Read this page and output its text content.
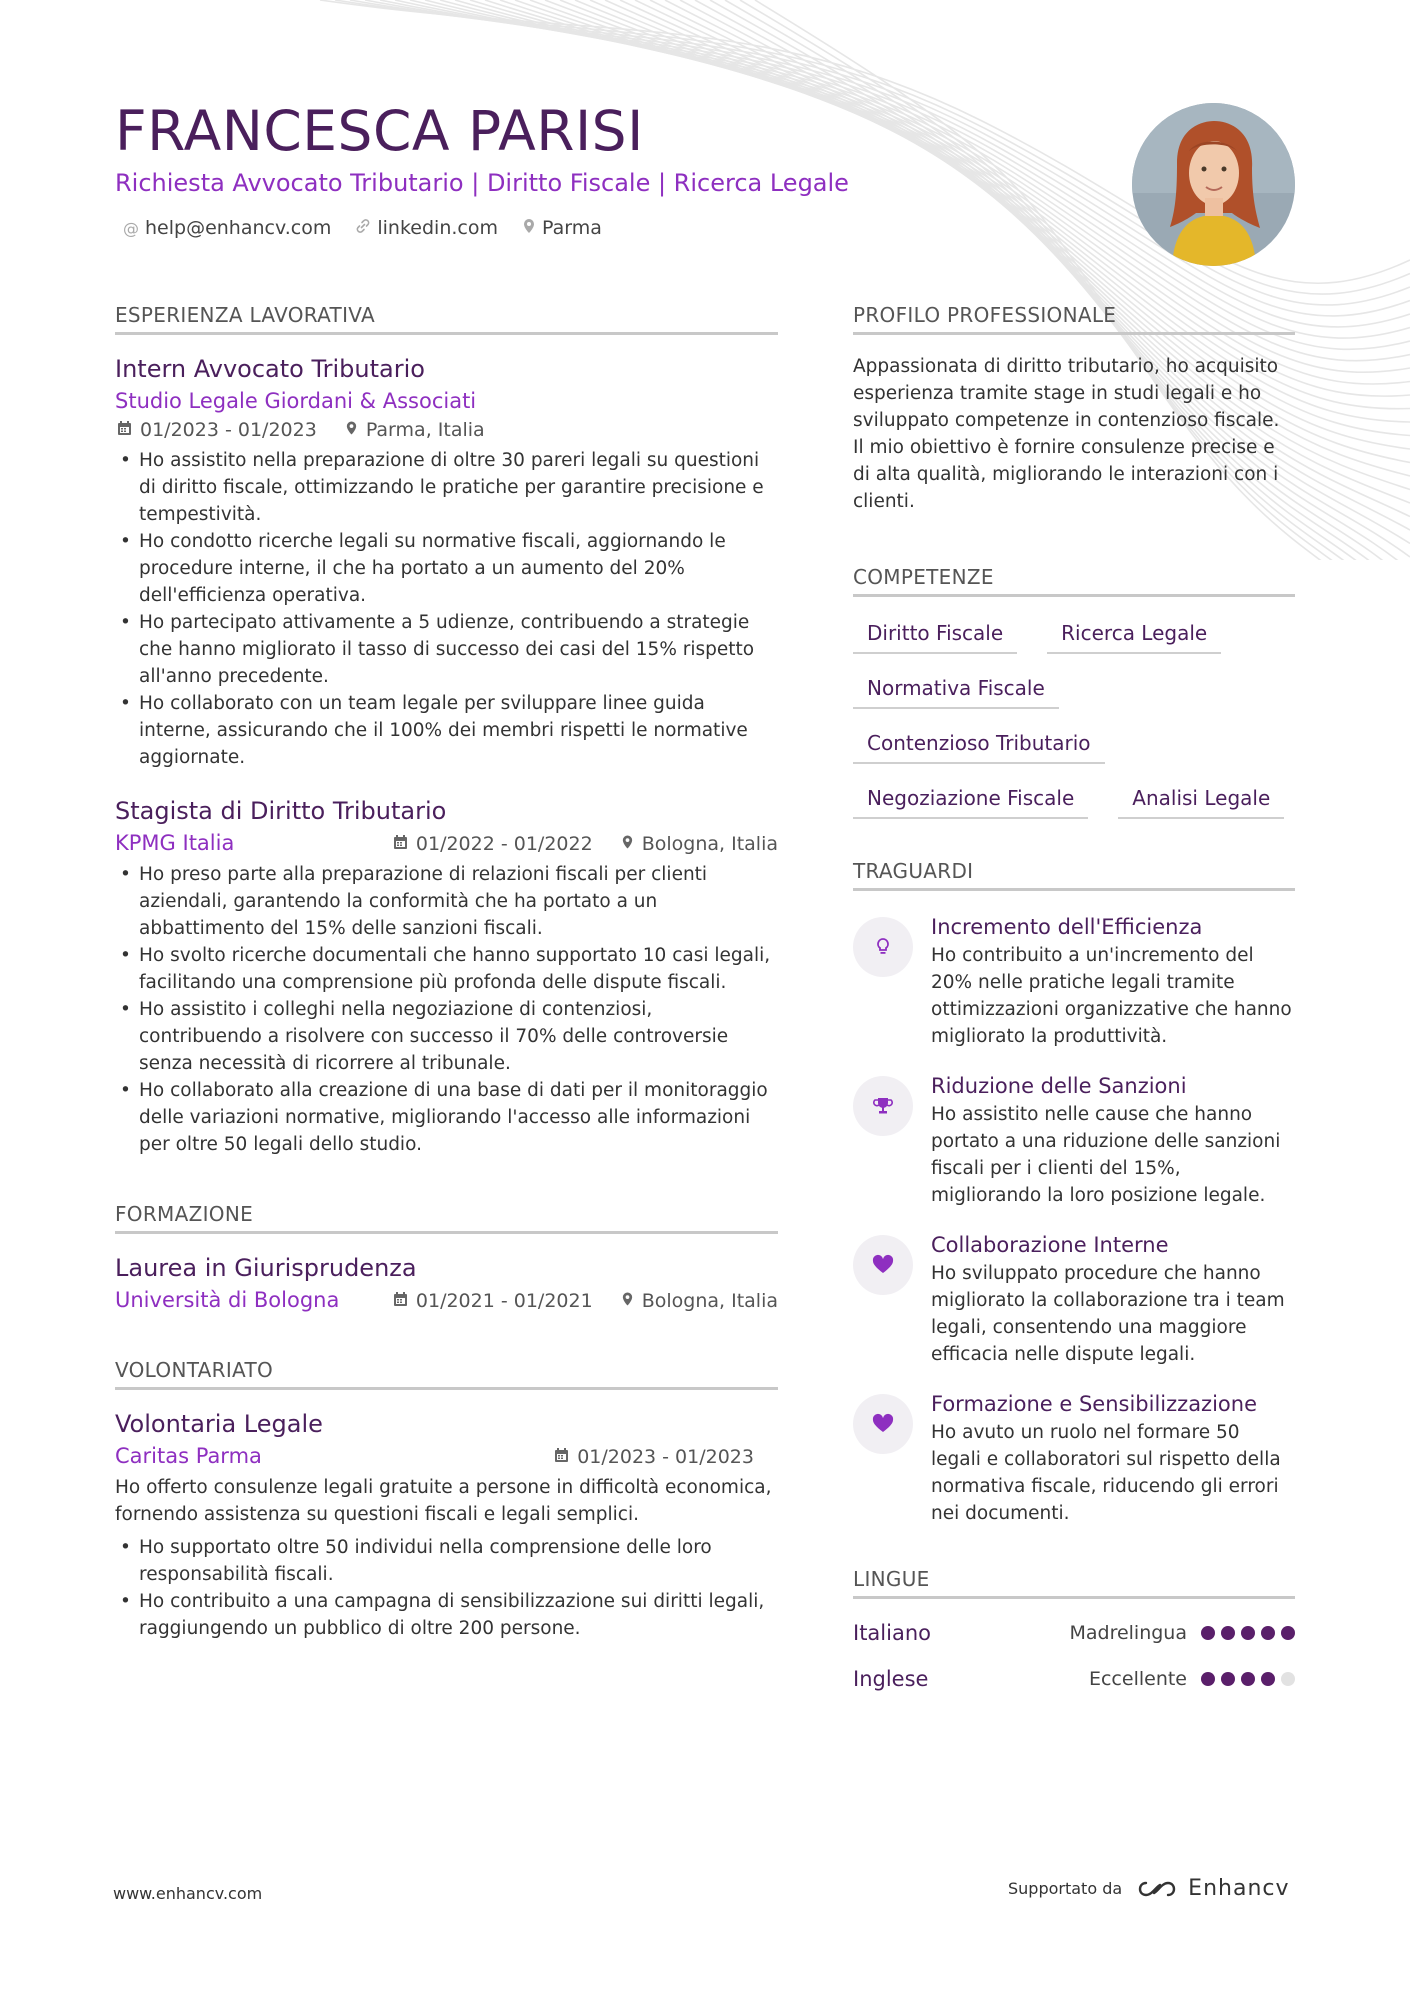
FRANCESCA PARISI
Richiesta Avvocato Tributario | Diritto Fiscale | Ricerca Legale
@ help@enhancv.com linkedin.com Parma
ESPERIENZA LAVORATIVA
Intern Avvocato Tributario
Studio Legale Giordani & Associati
01/2023 - 01/2023	Parma, Italia
• Ho assistito nella preparazione di oltre 30 pareri legali su questioni di diritto fiscale, ottimizzando le pratiche per garantire precisione e tempestività.
• Ho condotto ricerche legali su normative fiscali, aggiornando le procedure interne, il che ha portato a un aumento del 20% dell'efficienza operativa.
• Ho partecipato attivamente a 5 udienze, contribuendo a strategie che hanno migliorato il tasso di successo dei casi del 15% rispetto all'anno precedente.
• Ho collaborato con un team legale per sviluppare linee guida interne, assicurando che il 100% dei membri rispetti le normative aggiornate.
Stagista di Diritto Tributario
KPMG Italia	01/2022 - 01/2022	Bologna, Italia
• Ho preso parte alla preparazione di relazioni fiscali per clienti aziendali, garantendo la conformità che ha portato a un abbattimento del 15% delle sanzioni fiscali.
• Ho svolto ricerche documentali che hanno supportato 10 casi legali, facilitando una comprensione più profonda delle dispute fiscali.
• Ho assistito i colleghi nella negoziazione di contenziosi, contribuendo a risolvere con successo il 70% delle controversie senza necessità di ricorrere al tribunale.
• Ho collaborato alla creazione di una base di dati per il monitoraggio delle variazioni normative, migliorando l'accesso alle informazioni per oltre 50 legali dello studio.
FORMAZIONE
Laurea in Giurisprudenza
Università di Bologna	01/2021 - 01/2021	Bologna, Italia
VOLONTARIATO
Volontaria Legale
Caritas Parma	01/2023 - 01/2023
Ho offerto consulenze legali gratuite a persone in difficoltà economica, fornendo assistenza su questioni fiscali e legali semplici.
• Ho supportato oltre 50 individui nella comprensione delle loro responsabilità fiscali.
• Ho contribuito a una campagna di sensibilizzazione sui diritti legali, raggiungendo un pubblico di oltre 200 persone.
PROFILO PROFESSIONALE
Appassionata di diritto tributario, ho acquisito esperienza tramite stage in studi legali e ho sviluppato competenze in contenzioso fiscale. Il mio obiettivo è fornire consulenze precise e di alta qualità, migliorando le interazioni con i clienti.
COMPETENZE
Diritto Fiscale	Ricerca Legale
Normativa Fiscale
Contenzioso Tributario
Negoziazione Fiscale	Analisi Legale
TRAGUARDI
Incremento dell'Efficienza
Ho contribuito a un'incremento del 20% nelle pratiche legali tramite ottimizzazioni organizzative che hanno migliorato la produttività.
Riduzione delle Sanzioni
Ho assistito nelle cause che hanno portato a una riduzione delle sanzioni fiscali per i clienti del 15%, migliorando la loro posizione legale.
Collaborazione Interne
Ho sviluppato procedure che hanno migliorato la collaborazione tra i team legali, consentendo una maggiore efficacia nelle dispute legali.
Formazione e Sensibilizzazione
Ho avuto un ruolo nel formare 50 legali e collaboratori sul rispetto della normativa fiscale, riducendo gli errori nei documenti.
LINGUE
Italiano	Madrelingua
Inglese	Eccellente
www.enhancv.com	Supportato da	Enhancv
